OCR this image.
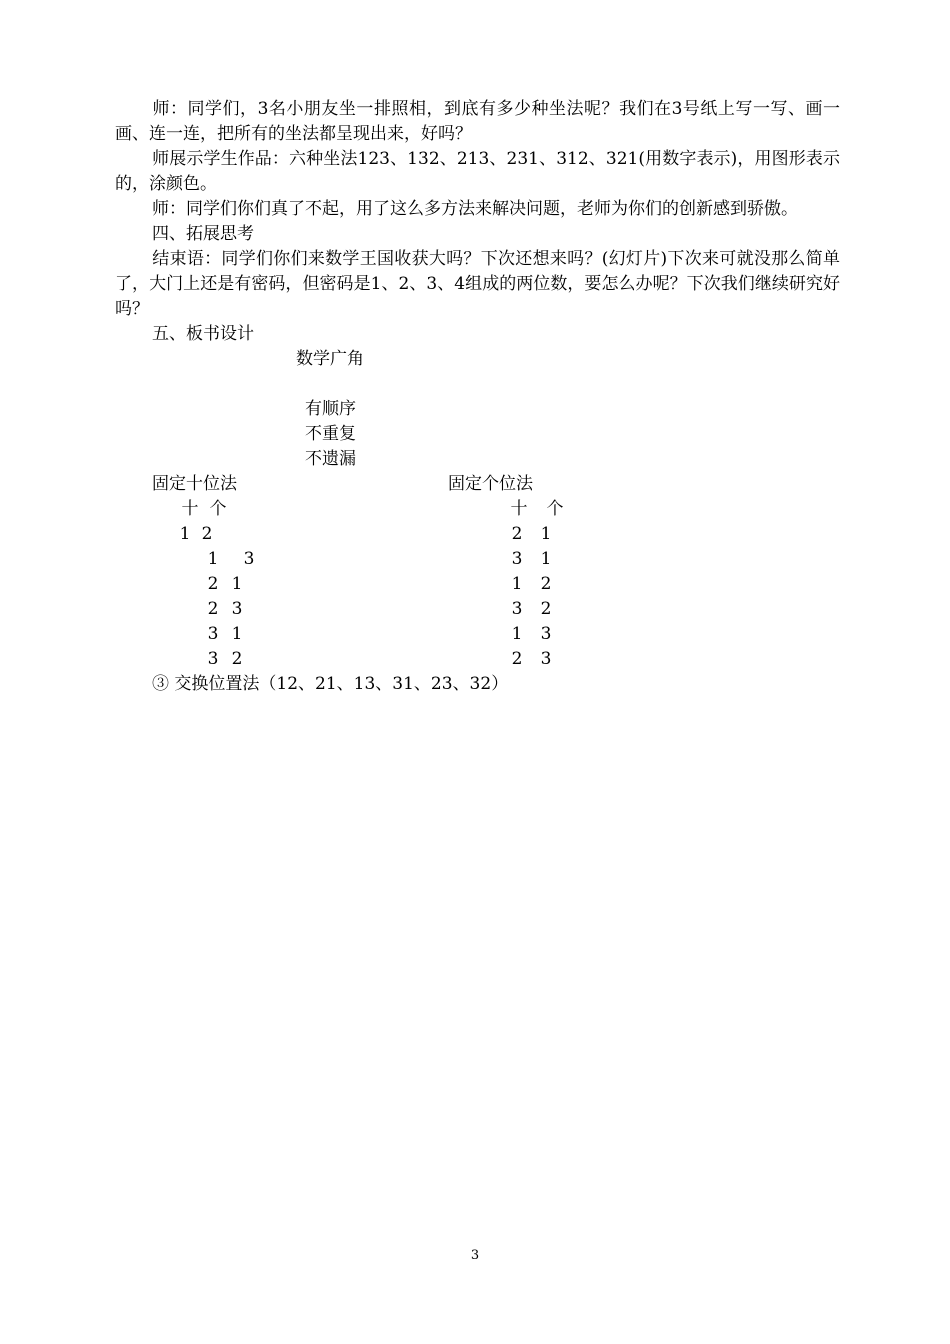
师：同学们，3名小朋友坐一排照相，到底有多少种坐法呢？我们在3号纸上写一写、画一画、连一连，把所有的坐法都呈现出来，好吗？
师展示学生作品：六种坐法123、132、213、231、312、321(用数字表示)，用图形表示的，涂颜色。
师：同学们你们真了不起，用了这么多方法来解决问题，老师为你们的创新感到骄傲。
四、拓展思考
结束语：同学们你们来数学王国收获大吗？下次还想来吗？(幻灯片)下次来可就没那么简单了，大门上还是有密码，但密码是1、2、3、4组成的两位数，要怎么办呢？下次我们继续研究好吗？
五、板书设计
数学广角
有顺序
不重复
不遗漏
固定十位法
十 个
1 2
1 3
2 1
2 3
3 1
3 2
固定个位法
十 个
2 1
3 1
1 2
3 2
1 3
2 3
③ 交换位置法（12、21、13、31、23、32）
3
